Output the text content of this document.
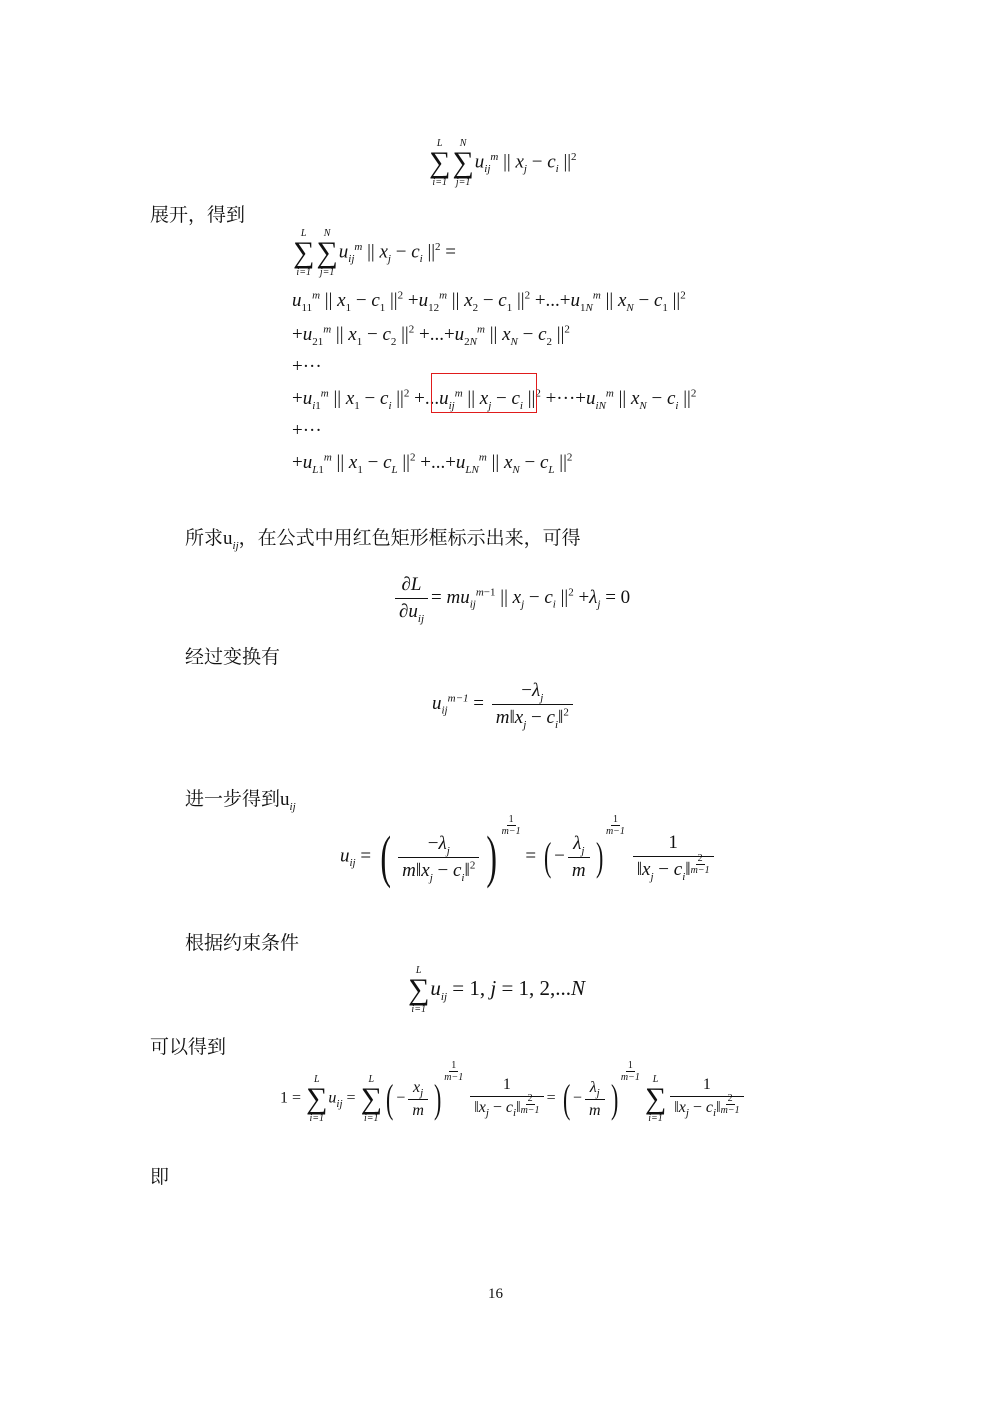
L
∑
i=1
N
∑
j=1
$u_{ij}^m$ || $x_j - c_i$ $||^2$
展开，得到
L
∑
i=1
N
∑
j=1
$u_{ij}^m$ || $x_j - c_i$ $||^2$ =
$u_{11}^m$ || $x_1 - c_1$ $||^2 +u_{12}^m$ || $x_2 - c_1$ $||^2 +...+u_{1N}^m$ || $x_N - c_1$ $||^2$
$+u_{21}^m$ || $x_1 - c_2$ $||^2 +...+u_{2N}^m$ || $x_N - c_2$ $||^2$
+···
$+u_{i1}^m$ || $x_1 - c_i$ $||^2 +...u_{ij}^m$ || $x_j - c_i$ $||^2 +\cdot\cdot\cdot+u_{iN}^m$ || $x_N - c_i$ $||^2$
+···
$+u_{L1}^m$ || $x_1 - c_L$ $||^2 +...+u_{LN}^m$ || $x_N - c_L$ $||^2$
所求$u_{ij}$，在公式中用红色矩形框标示出来，可得
$\frac{\partial L}{\partial u_{ij}} = mu_{ij}^{m-1}$ || $x_j - c_i$ $||^2 +\lambda_j = 0$
经过变换有
$u_{ij}^{m-1} = \frac{-\lambda_j}{m‖x_j - c_i‖^2}$
进一步得到$u_{ij}$
$u_{ij}$ = ( $\frac{-\lambda_j}{m‖x_j - c_i‖^2}$ ) $\frac{1}{m-1}$
= ( − $\frac{\lambda_j}{m}$ )
$\frac{1}{m-1}$

$\frac{1}{‖x_j - c_i‖ \frac{2}{m-1}}$
根据约束条件
L
∑
i=1
$u_{ij} = 1$, j = 1, 2,...N
可以得到
1 =
L
∑
i=1
$u_{ij}$ =
L
∑
i=1 ( − $\frac{x_j}{m}$ )
$\frac{1}{m-1}$

$\frac{1}{‖x_j - c_i‖ \frac{2}{m-1}}$ = ( − $\frac{\lambda_j}{m}$ )
$\frac{1}{m-1}$
L
∑
$i=1 \frac{1}{‖x_j - c_i‖ \frac{2}{m-1}}$
即
16
